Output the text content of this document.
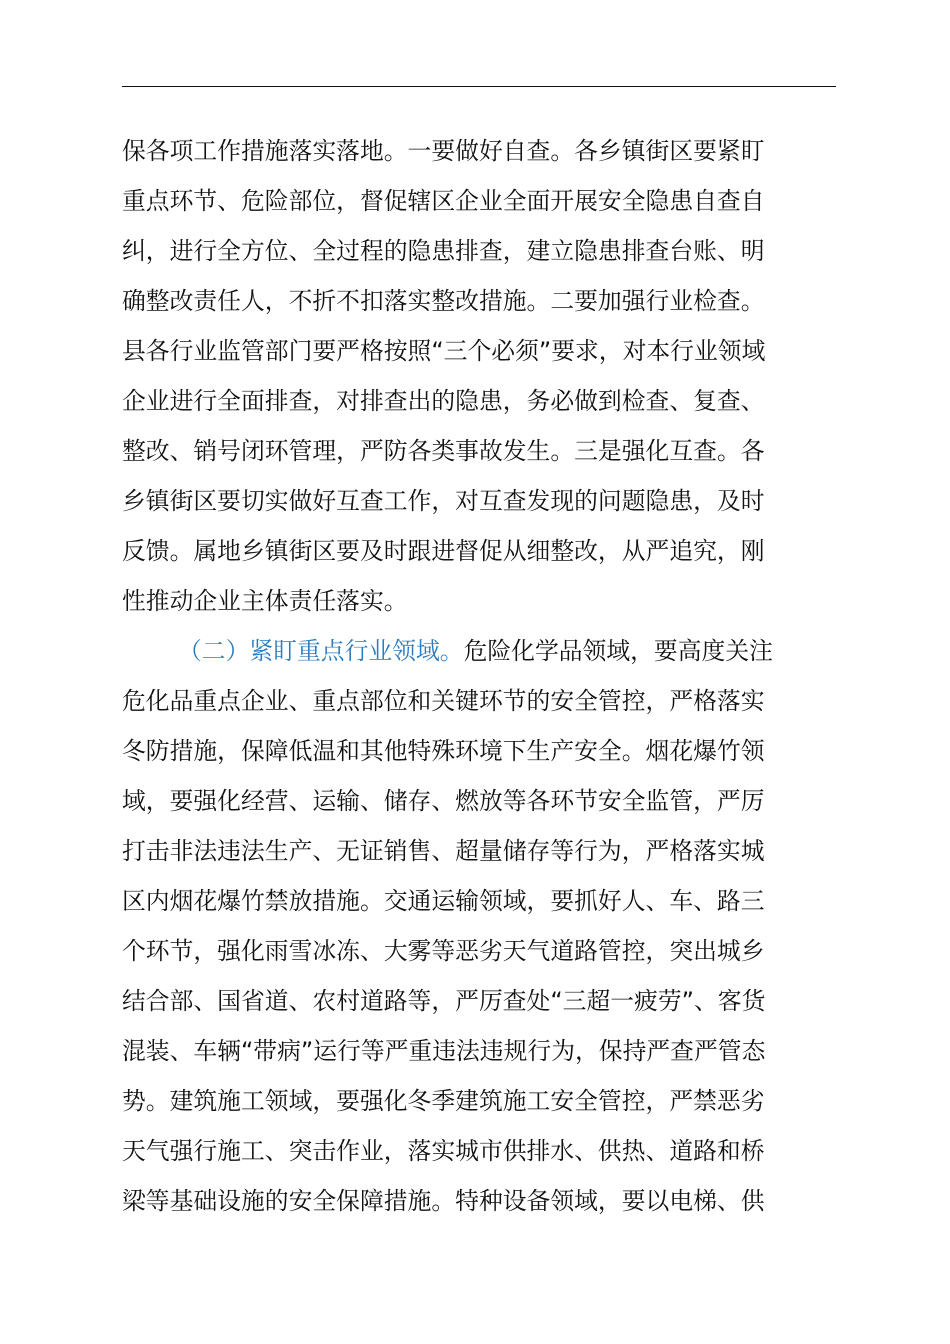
保各项工作措施落实落地。一要做好自查。各乡镇街区要紧盯
重点环节、危险部位，督促辖区企业全面开展安全隐患自查自
纠，进行全方位、全过程的隐患排查，建立隐患排查台账、明
确整改责任人，不折不扣落实整改措施。二要加强行业检查。
县各行业监管部门要严格按照“三个必须”要求，对本行业领域
企业进行全面排查，对排查出的隐患，务必做到检查、复查、
整改、销号闭环管理，严防各类事故发生。三是强化互查。各
乡镇街区要切实做好互查工作，对互查发现的问题隐患，及时
反馈。属地乡镇街区要及时跟进督促从细整改，从严追究，刚
性推动企业主体责任落实。
（二）紧盯重点行业领域。危险化学品领域，要高度关注
危化品重点企业、重点部位和关键环节的安全管控，严格落实
冬防措施，保障低温和其他特殊环境下生产安全。烟花爆竹领
域，要强化经营、运输、储存、燃放等各环节安全监管，严厉
打击非法违法生产、无证销售、超量储存等行为，严格落实城
区内烟花爆竹禁放措施。交通运输领域，要抓好人、车、路三
个环节，强化雨雪冰冻、大雾等恶劣天气道路管控，突出城乡
结合部、国省道、农村道路等，严厉查处“三超一疲劳”、客货
混装、车辆“带病”运行等严重违法违规行为，保持严查严管态
势。建筑施工领域，要强化冬季建筑施工安全管控，严禁恶劣
天气强行施工、突击作业，落实城市供排水、供热、道路和桥
梁等基础设施的安全保障措施。特种设备领域，要以电梯、供
